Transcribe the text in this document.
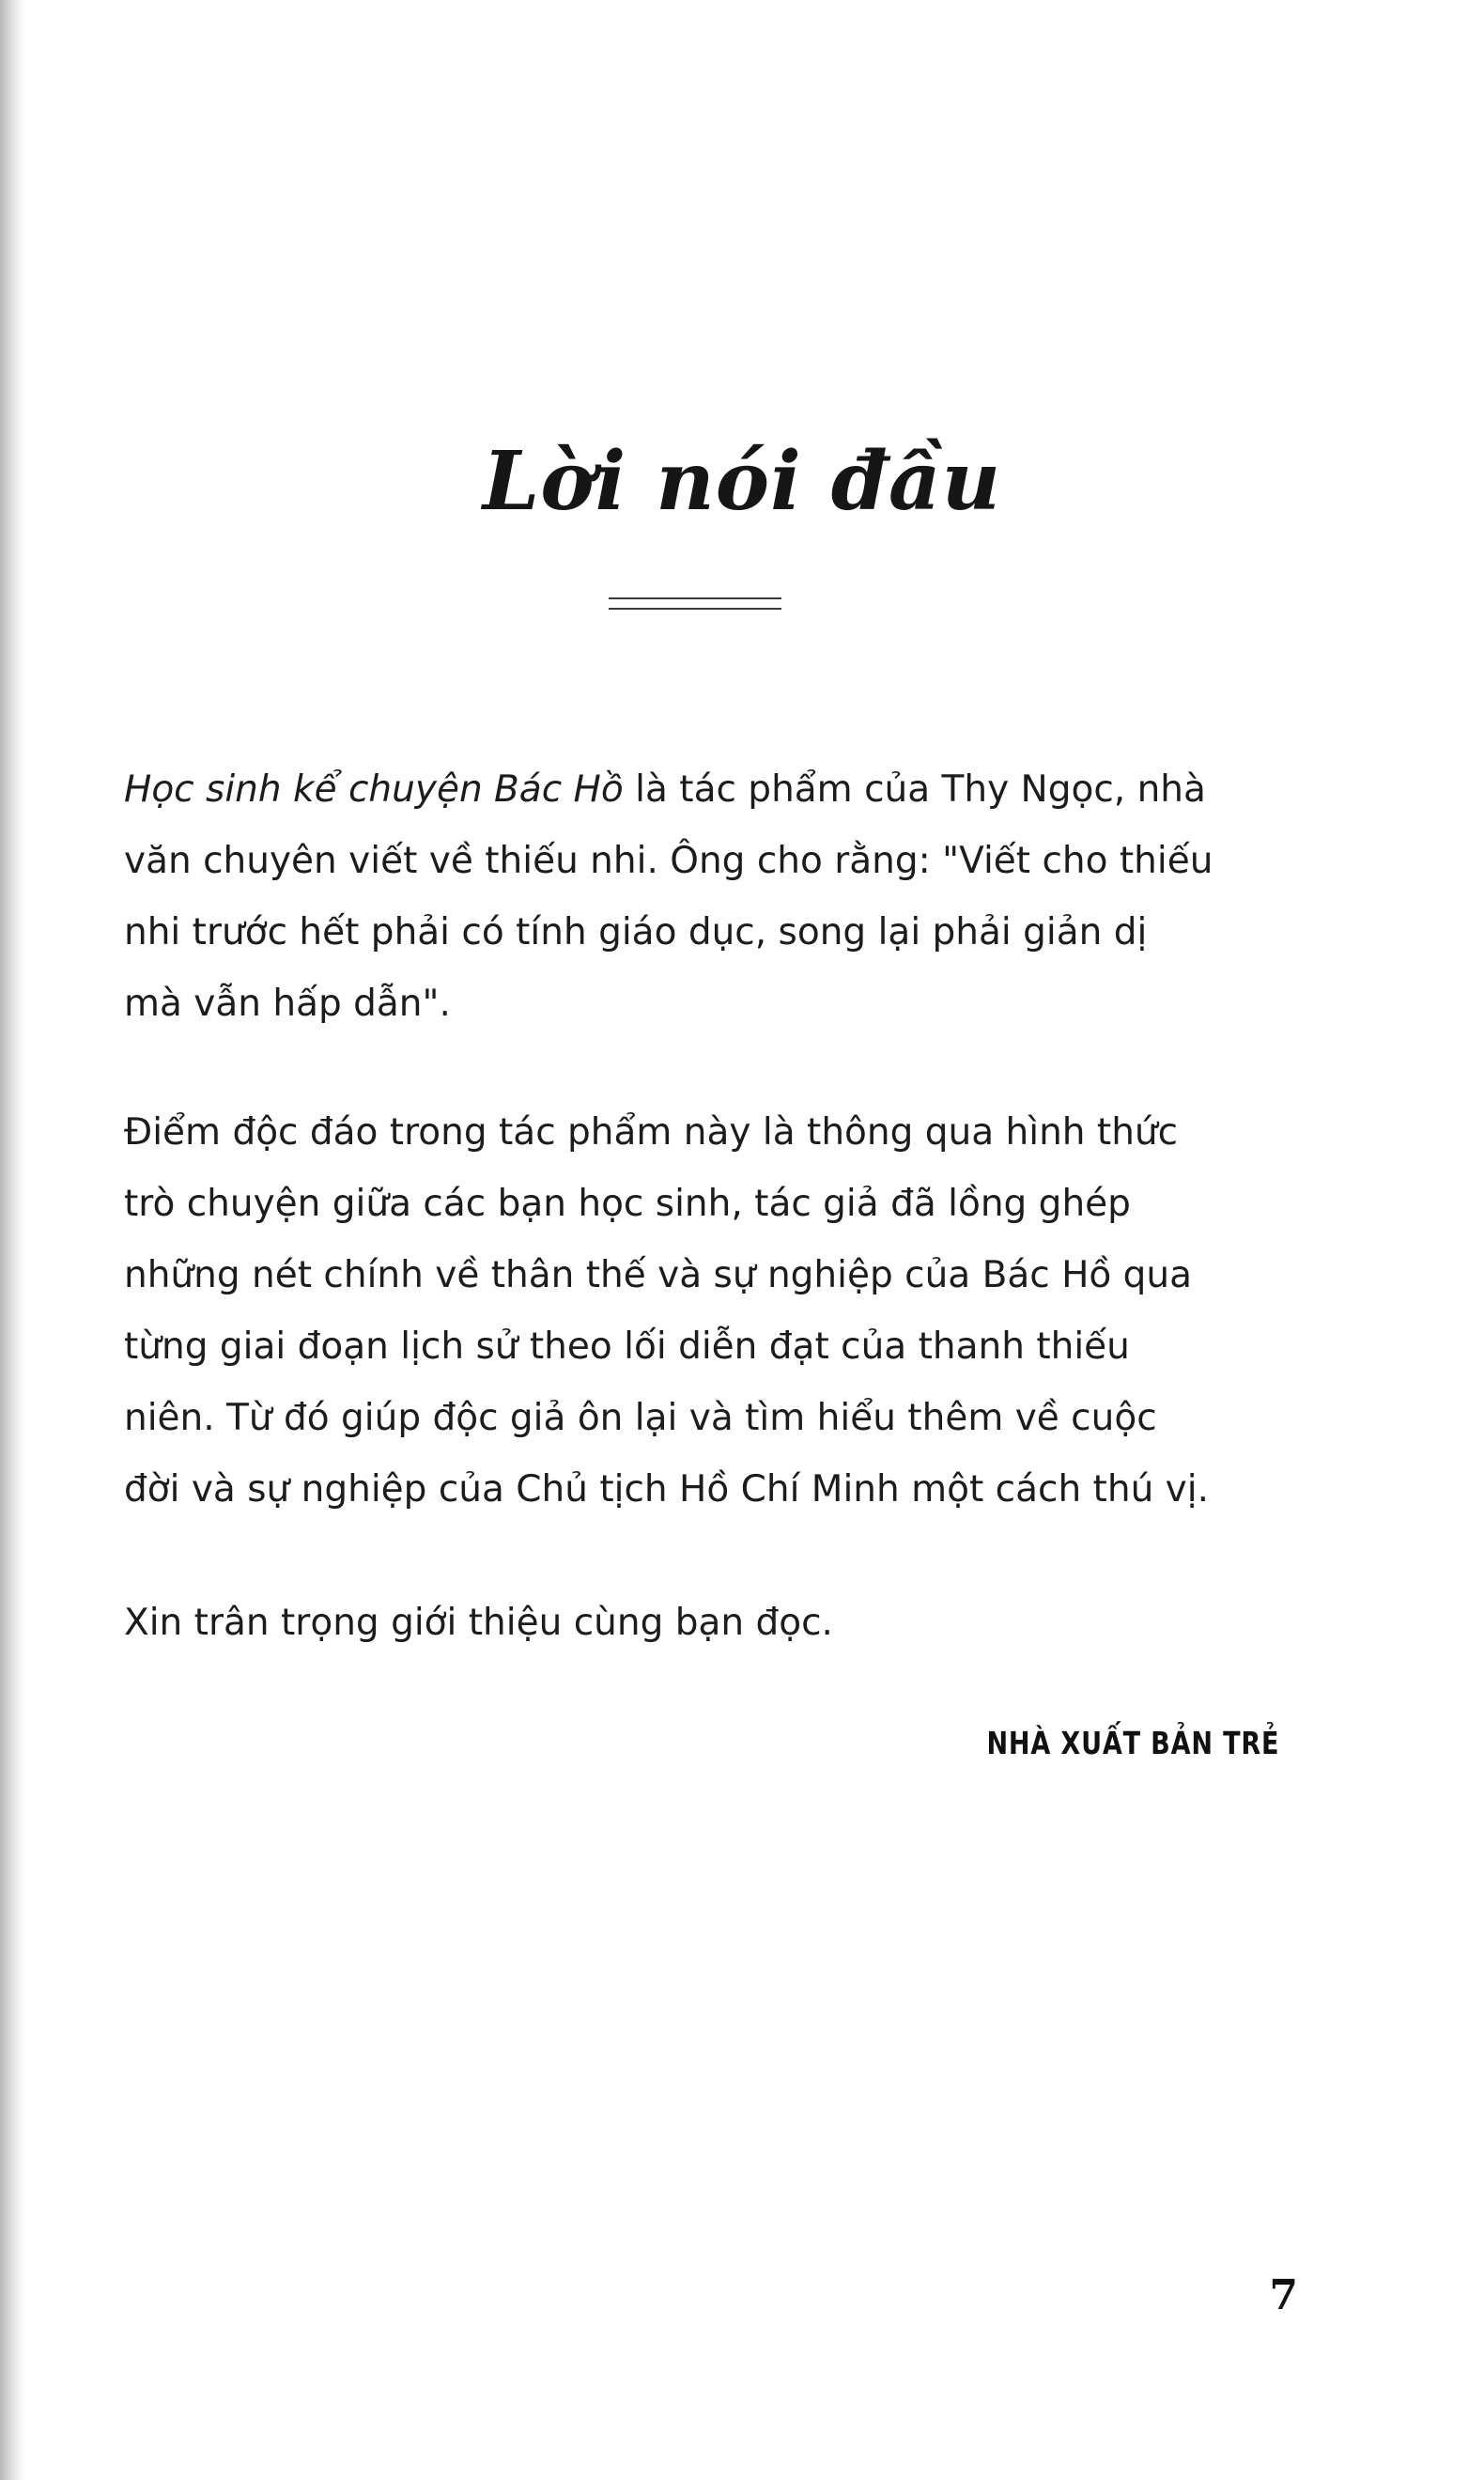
Lời nói đầu

Học sinh kể chuyện Bác Hồ là tác phẩm của Thy Ngọc, nhà
văn chuyên viết về thiếu nhi. Ông cho rằng: "Viết cho thiếu
nhi trước hết phải có tính giáo dục, song lại phải giản dị
mà vẫn hấp dẫn".

Điểm độc đáo trong tác phẩm này là thông qua hình thức
trò chuyện giữa các bạn học sinh, tác giả đã lồng ghép
những nét chính về thân thế và sự nghiệp của Bác Hồ qua
từng giai đoạn lịch sử theo lối diễn đạt của thanh thiếu
niên. Từ đó giúp độc giả ôn lại và tìm hiểu thêm về cuộc
đời và sự nghiệp của Chủ tịch Hồ Chí Minh một cách thú vị.

Xin trân trọng giới thiệu cùng bạn đọc.

NHÀ XUẤT BẢN TRẺ

7
